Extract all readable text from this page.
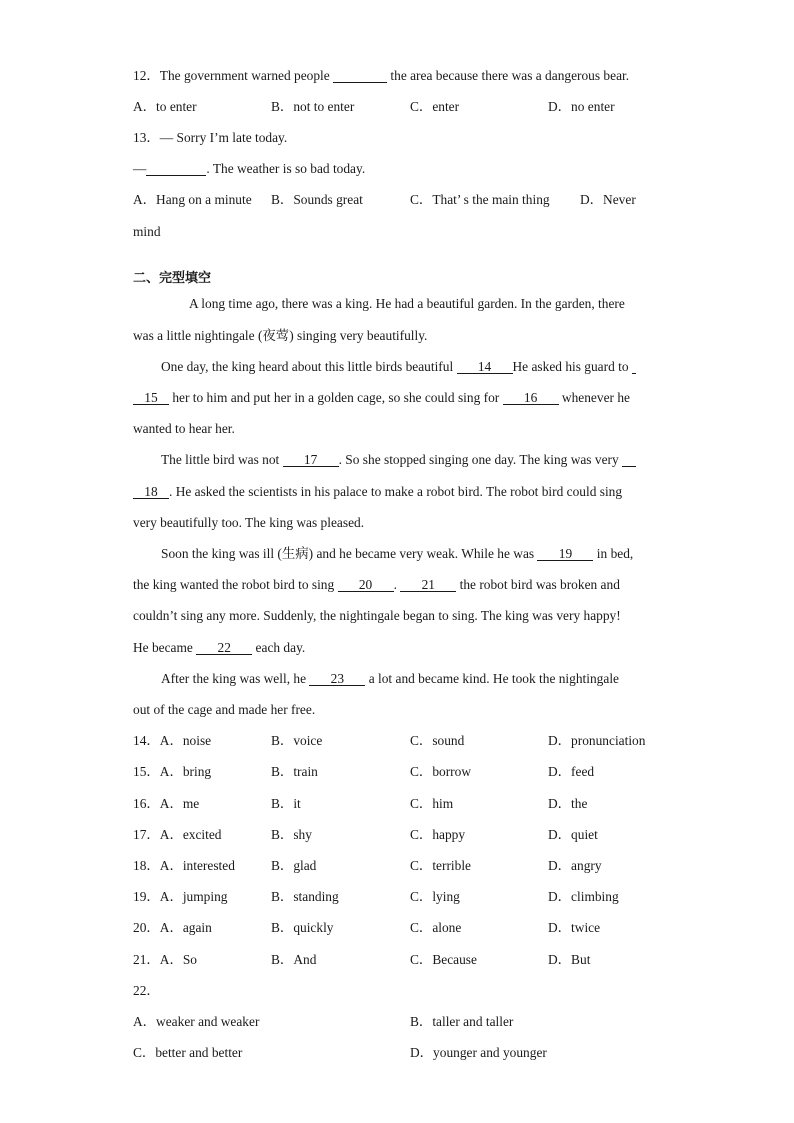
12．The government warned people	the area because there was a dangerous bear.
A．to enter	B．not to enter	C．enter	D．no enter
13．— Sorry I’m late today.
—	. The weather is so bad today.
A．Hang on a minute B．Sounds great	C．That’ s the main thing D．Never
mind
二、完型填空
A long time ago, there was a king. He had a beautiful garden. In the garden, there
was a little nightingale (夜莺) singing very beautifully.
One day, the king heard about this little birds beautiful 14 He asked his guard to
15 her to him and put her in a golden cage, so she could sing for 16 whenever he
wanted to hear her.
The little bird was not 17 . So she stopped singing one day. The king was very
18 . He asked the scientists in his palace to make a robot bird. The robot bird could sing
very beautifully too. The king was pleased.
Soon the king was ill (生病) and he became very weak. While he was 19 in bed,
the king wanted the robot bird to sing 20 . 21 the robot bird was broken and
couldn’t sing any more. Suddenly, the nightingale began to sing. The king was very happy!
He became 22 each day.
After the king was well, he 23 a lot and became kind. He took the nightingale
out of the cage and made her free.
14．A．noise	B．voice	C．sound	D．pronunciation
15．A．bring	B．train	C．borrow	D．feed
16．A．me	B．it	C．him	D．the
17．A．excited	B．shy	C．happy	D．quiet
18．A．interested	B．glad	C．terrible	D．angry
19．A．jumping	B．standing	C．lying	D．climbing
20．A．again	B．quickly	C．alone	D．twice
21．A．So	B．And	C．Because	D．But
22．
A．weaker and weaker	B．taller and taller
C．better and better	D．younger and younger
